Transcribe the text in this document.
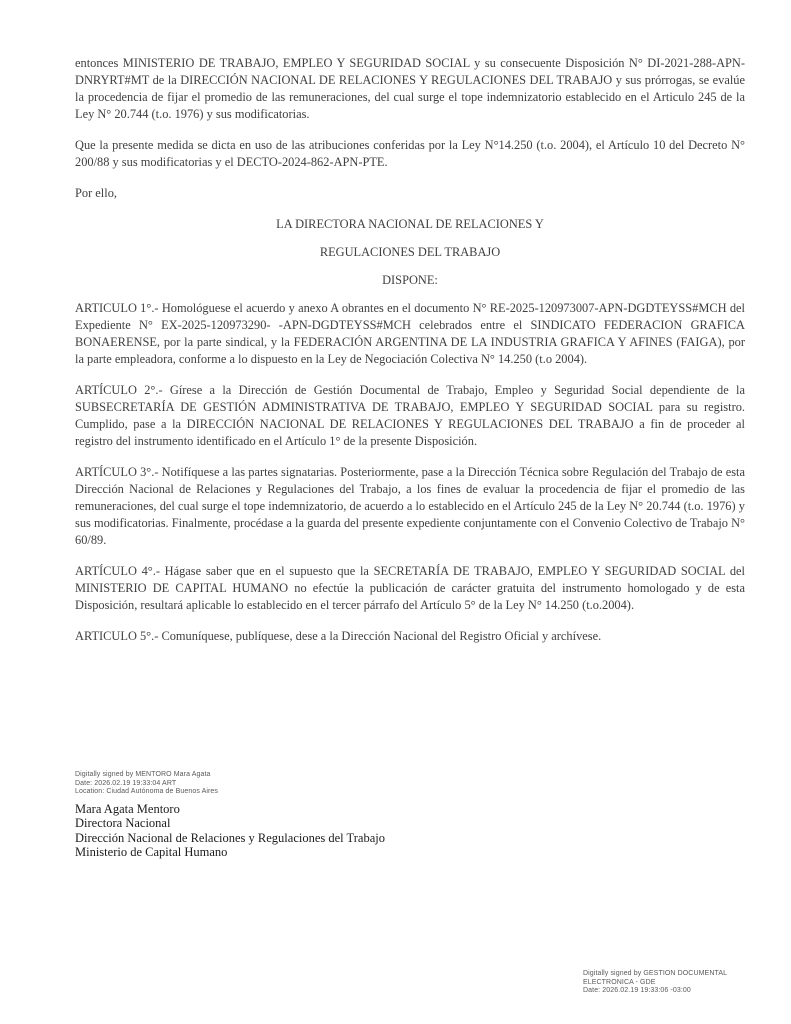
entonces MINISTERIO DE TRABAJO, EMPLEO Y SEGURIDAD SOCIAL y su consecuente Disposición N° DI-2021-288-APN-DNRYRT#MT de la DIRECCIÓN NACIONAL DE RELACIONES Y REGULACIONES DEL TRABAJO y sus prórrogas, se evalúe la procedencia de fijar el promedio de las remuneraciones, del cual surge el tope indemnizatorio establecido en el Articulo 245 de la Ley N° 20.744 (t.o. 1976) y sus modificatorias.

Que la presente medida se dicta en uso de las atribuciones conferidas por la Ley N°14.250 (t.o. 2004), el Artículo 10 del Decreto N° 200/88 y sus modificatorias y el DECTO-2024-862-APN-PTE.

Por ello,

LA DIRECTORA NACIONAL DE RELACIONES Y

REGULACIONES DEL TRABAJO

DISPONE:

ARTICULO 1°.- Homológuese el acuerdo y anexo A obrantes en el documento N° RE-2025-120973007-APN-DGDTEYSS#MCH del Expediente N° EX-2025-120973290- -APN-DGDTEYSS#MCH celebrados entre el SINDICATO FEDERACION GRAFICA BONAERENSE, por la parte sindical, y la FEDERACIÓN ARGENTINA DE LA INDUSTRIA GRAFICA Y AFINES (FAIGA), por la parte empleadora, conforme a lo dispuesto en la Ley de Negociación Colectiva N° 14.250 (t.o 2004).

ARTÍCULO 2°.- Gírese a la Dirección de Gestión Documental de Trabajo, Empleo y Seguridad Social dependiente de la SUBSECRETARÍA DE GESTIÓN ADMINISTRATIVA DE TRABAJO, EMPLEO Y SEGURIDAD SOCIAL para su registro. Cumplido, pase a la DIRECCIÓN NACIONAL DE RELACIONES Y REGULACIONES DEL TRABAJO a fin de proceder al registro del instrumento identificado en el Artículo 1° de la presente Disposición.

ARTÍCULO 3°.- Notifíquese a las partes signatarias. Posteriormente, pase a la Dirección Técnica sobre Regulación del Trabajo de esta Dirección Nacional de Relaciones y Regulaciones del Trabajo, a los fines de evaluar la procedencia de fijar el promedio de las remuneraciones, del cual surge el tope indemnizatorio, de acuerdo a lo establecido en el Artículo 245 de la Ley N° 20.744 (t.o. 1976) y sus modificatorias. Finalmente, procédase a la guarda del presente expediente conjuntamente con el Convenio Colectivo de Trabajo N° 60/89.

ARTÍCULO 4°.- Hágase saber que en el supuesto que la SECRETARÍA DE TRABAJO, EMPLEO Y SEGURIDAD SOCIAL del MINISTERIO DE CAPITAL HUMANO no efectúe la publicación de carácter gratuita del instrumento homologado y de esta Disposición, resultará aplicable lo establecido en el tercer párrafo del Artículo 5° de la Ley N° 14.250 (t.o.2004).

ARTICULO 5°.- Comuníquese, publíquese, dese a la Dirección Nacional del Registro Oficial y archívese.

Digitally signed by MENTORO Mara Agata
Date: 2026.02.19 19:33:04 ART
Location: Ciudad Autónoma de Buenos Aires
Mara Agata Mentoro
Directora Nacional
Dirección Nacional de Relaciones y Regulaciones del Trabajo
Ministerio de Capital Humano
Digitally signed by GESTION DOCUMENTAL
ELECTRONICA - GDE
Date: 2026.02.19 19:33:06 -03:00
